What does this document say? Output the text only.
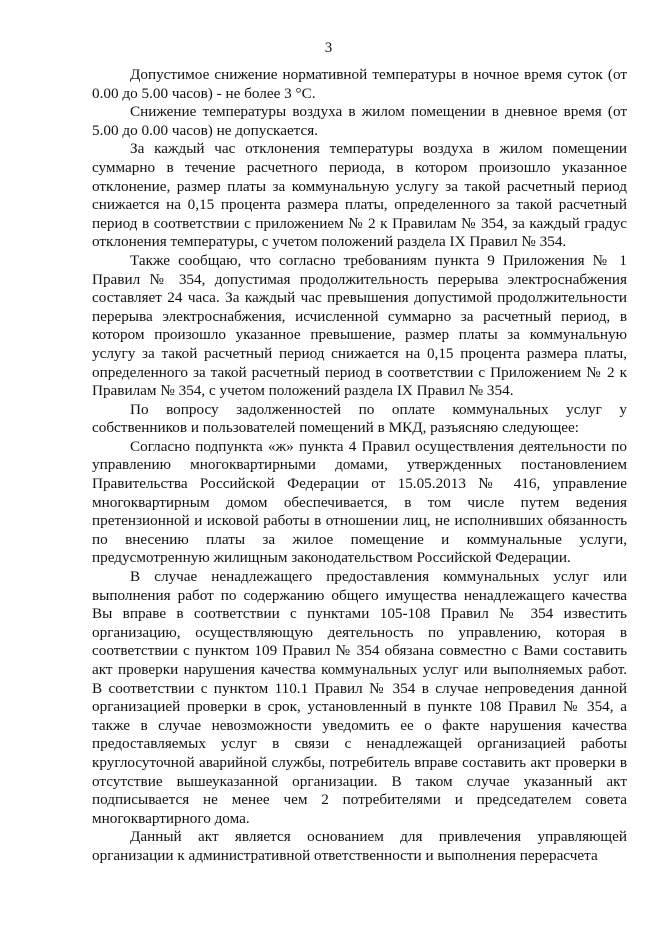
3

Допустимое снижение нормативной температуры в ночное время суток (от 0.00 до 5.00 часов) - не более 3 °С.

Снижение температуры воздуха в жилом помещении в дневное время (от 5.00 до 0.00 часов) не допускается.

За каждый час отклонения температуры воздуха в жилом помещении суммарно в течение расчетного периода, в котором произошло указанное отклонение, размер платы за коммунальную услугу за такой расчетный период снижается на 0,15 процента размера платы, определенного за такой расчетный период в соответствии с приложением № 2 к Правилам № 354, за каждый градус отклонения температуры, с учетом положений раздела IX Правил № 354.

Также сообщаю, что согласно требованиям пункта 9 Приложения № 1 Правил № 354, допустимая продолжительность перерыва электроснабжения составляет 24 часа. За каждый час превышения допустимой продолжительности перерыва электроснабжения, исчисленной суммарно за расчетный период, в котором произошло указанное превышение, размер платы за коммунальную услугу за такой расчетный период снижается на 0,15 процента размера платы, определенного за такой расчетный период в соответствии с Приложением № 2 к Правилам № 354, с учетом положений раздела IX Правил № 354.

По вопросу задолженностей по оплате коммунальных услуг у собственников и пользователей помещений в МКД, разъясняю следующее:

Согласно подпункта «ж» пункта 4 Правил осуществления деятельности по управлению многоквартирными домами, утвержденных постановлением Правительства Российской Федерации от 15.05.2013 № 416, управление многоквартирным домом обеспечивается, в том числе путем ведения претензионной и исковой работы в отношении лиц, не исполнивших обязанность по внесению платы за жилое помещение и коммунальные услуги, предусмотренную жилищным законодательством Российской Федерации.

В случае ненадлежащего предоставления коммунальных услуг или выполнения работ по содержанию общего имущества ненадлежащего качества Вы вправе в соответствии с пунктами 105-108 Правил № 354 известить организацию, осуществляющую деятельность по управлению, которая в соответствии с пунктом 109 Правил № 354 обязана совместно с Вами составить акт проверки нарушения качества коммунальных услуг или выполняемых работ. В соответствии с пунктом 110.1 Правил № 354 в случае непроведения данной организацией проверки в срок, установленный в пункте 108 Правил № 354, а также в случае невозможности уведомить ее о факте нарушения качества предоставляемых услуг в связи с ненадлежащей организацией работы круглосуточной аварийной службы, потребитель вправе составить акт проверки в отсутствие вышеуказанной организации. В таком случае указанный акт подписывается не менее чем 2 потребителями и председателем совета многоквартирного дома.

Данный акт является основанием для привлечения управляющей организации к административной ответственности и выполнения перерасчета
